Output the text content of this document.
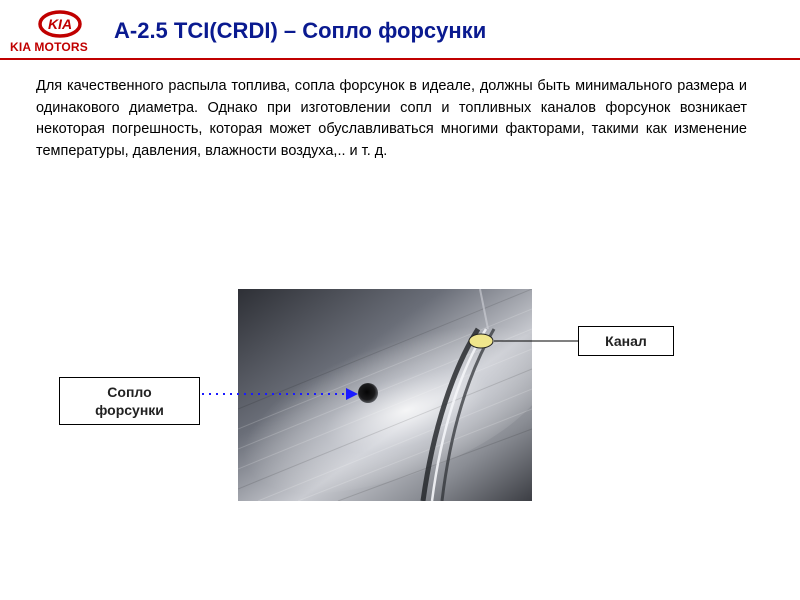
KIA
KIA MOTORS
A-2.5 TCI(CRDI) – Сопло форсунки

Для качественного распыла топлива, сопла форсунок в идеале, должны быть минимального размера и одинакового диаметра. Однако при изготовлении сопл и топливных каналов форсунок возникает некоторая погрешность, которая может обуславливаться многими факторами, такими как изменение температуры, давления, влажности воздуха,.. и т. д.

Сопло форсунки
Канал
